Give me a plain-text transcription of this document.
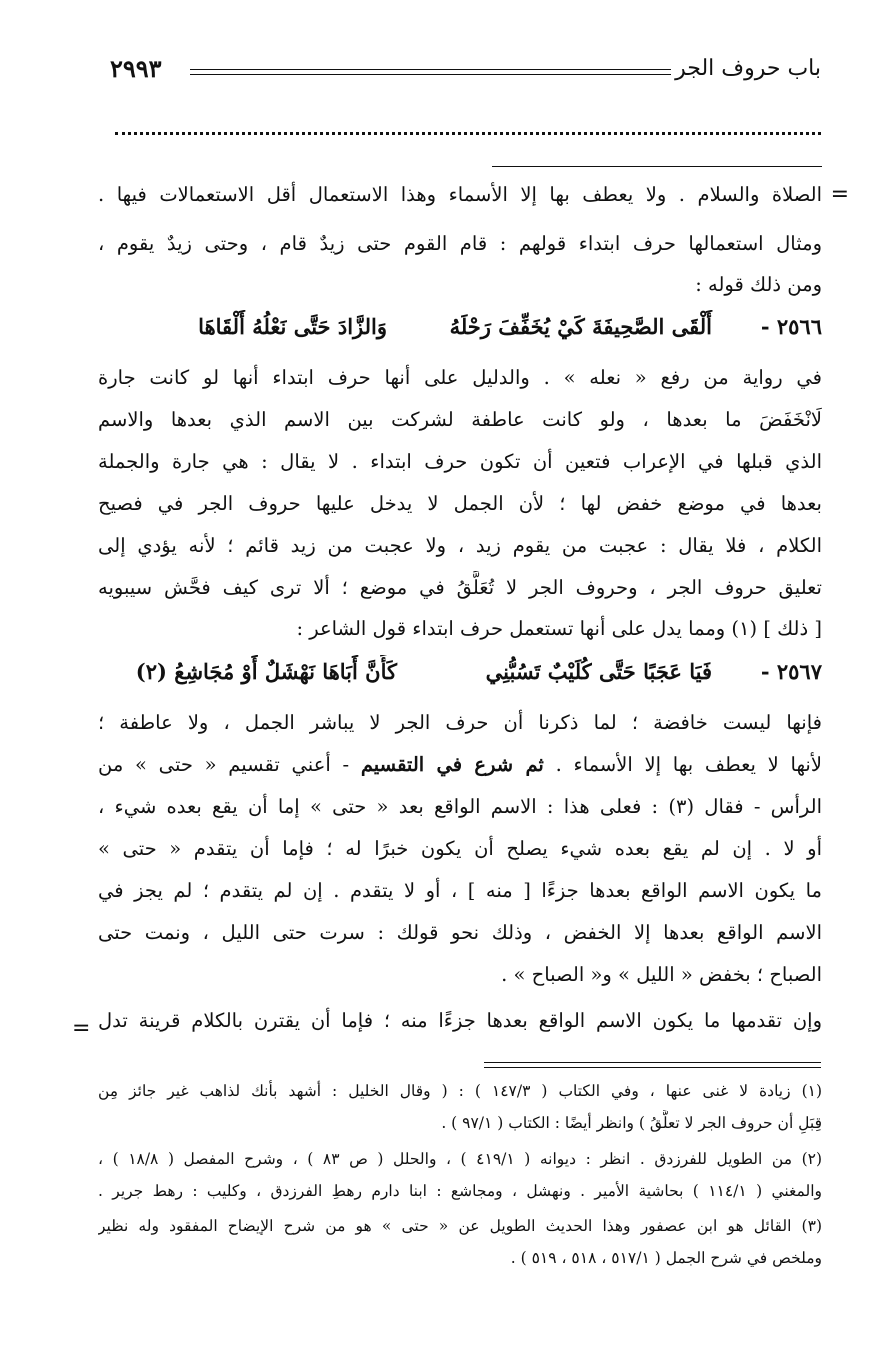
باب حروف الجر
٢٩٩٣
=
الصلاة والسلام . ولا يعطف بها إلا الأسماء وهذا الاستعمال أقل الاستعمالات فيها .
ومثال استعمالها حرف ابتداء قولهم : قام القوم حتى زيدٌ قام ، وحتى زيدٌ يقوم ،
ومن ذلك قوله :
٢٥٦٦ -
أَلْقَى الصَّحِيفَةَ كَيْ يُخَفِّفَ رَحْلَهُ
وَالزَّادَ حَتَّى نَعْلُهُ أَلْقَاهَا
في رواية من رفع « نعله » . والدليل على أنها حرف ابتداء أنها لو كانت جارة
لَانْخَفَضَ ما بعدها ، ولو كانت عاطفة لشركت بين الاسم الذي بعدها والاسم
الذي قبلها في الإعراب فتعين أن تكون حرف ابتداء . لا يقال : هي جارة والجملة
بعدها في موضع خفض لها ؛ لأن الجمل لا يدخل عليها حروف الجر في فصيح
الكلام ، فلا يقال : عجبت من يقوم زيد ، ولا عجبت من زيد قائم ؛ لأنه يؤدي إلى
تعليق حروف الجر ، وحروف الجر لا تُعَلَّقُ في موضع ؛ ألا ترى كيف فحَّش سيبويه
[ ذلك ] (١) ومما يدل على أنها تستعمل حرف ابتداء قول الشاعر :
٢٥٦٧ -
فَيَا عَجَبًا حَتَّى كُلَيْبٌ تَسُبُّنِي
كَأَنَّ أَبَاهَا نَهْشَلٌ أَوْ مُجَاشِعُ (٢)
فإنها ليست خافضة ؛ لما ذكرنا أن حرف الجر لا يباشر الجمل ، ولا عاطفة ؛
لأنها لا يعطف بها إلا الأسماء . ثم شرع في التقسيم - أعني تقسيم « حتى » من
الرأس - فقال (٣) : فعلى هذا : الاسم الواقع بعد « حتى » إما أن يقع بعده شيء ،
أو لا . إن لم يقع بعده شيء يصلح أن يكون خبرًا له ؛ فإما أن يتقدم « حتى »
ما يكون الاسم الواقع بعدها جزءًا [ منه ] ، أو لا يتقدم . إن لم يتقدم ؛ لم يجز في
الاسم الواقع بعدها إلا الخفض ، وذلك نحو قولك : سرت حتى الليل ، ونمت حتى
الصباح ؛ بخفض « الليل » و« الصباح » .
وإن تقدمها ما يكون الاسم الواقع بعدها جزءًا منه ؛ فإما أن يقترن بالكلام قرينة تدل
=
(١) زيادة لا غنى عنها ، وفي الكتاب ( ١٤٧/٣ ) : ( وقال الخليل : أشهد بأنك لذاهب غير جائز مِن
قِبَلِ أن حروف الجر لا تعلَّقُ ) وانظر أيضًا : الكتاب ( ٩٧/١ ) .
(٢) من الطويل للفرزدق . انظر : ديوانه ( ٤١٩/١ ) ، والحلل ( ص ٨٣ ) ، وشرح المفصل ( ١٨/٨ ) ،
والمغني ( ١١٤/١ ) بحاشية الأمير . ونهشل ، ومجاشع : ابنا دارم رهطِ الفرزدق ، وكليب : رهط جرير .
(٣) القائل هو ابن عصفور وهذا الحديث الطويل عن « حتى » هو من شرح الإيضاح المفقود وله نظير
وملخص في شرح الجمل ( ٥١٧/١ ، ٥١٨ ، ٥١٩ ) .
